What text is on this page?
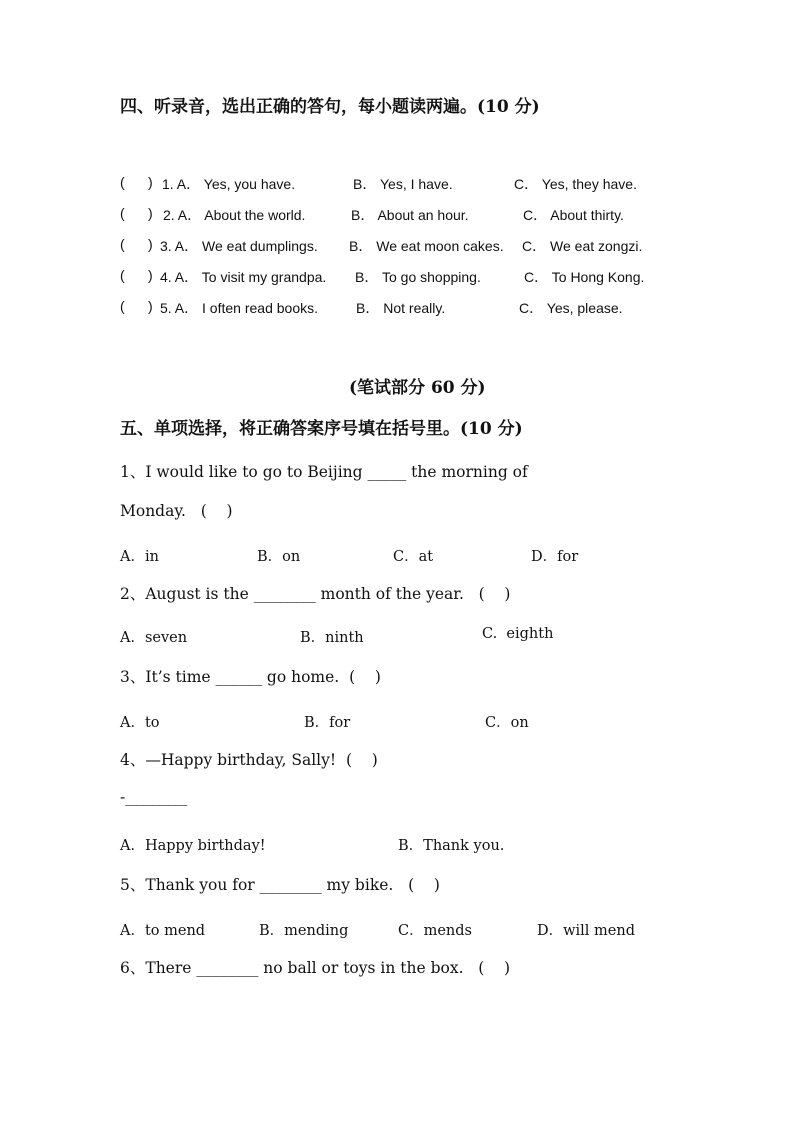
四、听录音，选出正确的答句，每小题读两遍。(10 分)
(      ) 1. A． Yes, you have.	B． Yes, I have.	C． Yes, they have.
(      ) 2. A． About the world.	B． About an hour.	C． About thirty.
(      ) 3. A． We eat dumplings. B． We eat moon cakes. C． We eat zongzi.
(      ) 4. A． To visit my grandpa. B． To go shopping.	C． To Hong Kong.
(      ) 5. A． I often read books.	B． Not really.	C． Yes, please.
(笔试部分 60 分)
五、单项选择，将正确答案序号填在括号里。(10 分)
1、I would like to go to Beijing _____ the morning of
Monday.   (    )
A．in	B．on	C．at	D．for
2、August is the ________ month of the year.   (    )
A．seven	B．ninth	C.  eighth
3、It’s time ______ go home.  (    )
A．to	B．for	C．on
4、—Happy birthday, Sally!  (    )
-________
A．Happy birthday!	B．Thank you.
5、Thank you for ________ my bike.   (    )
A．to mend	B．mending	C．mends	D．will mend
6、There ________ no ball or toys in the box.   (    )
